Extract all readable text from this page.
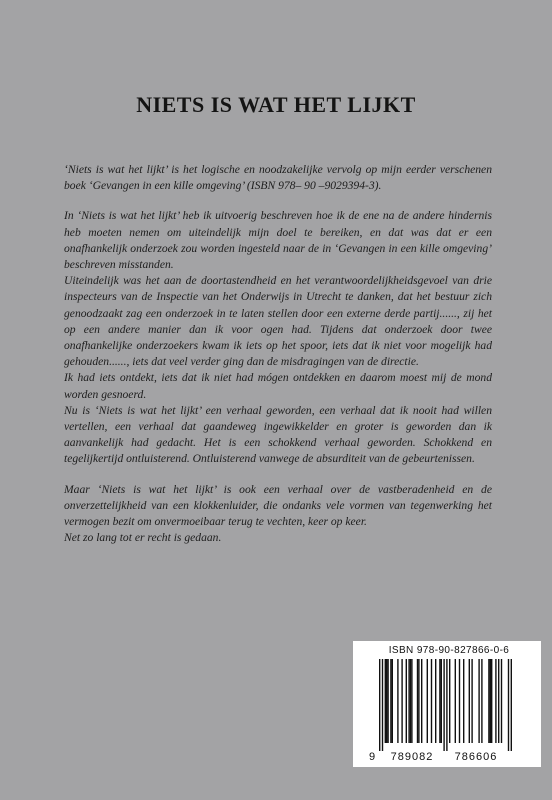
NIETS IS WAT HET LIJKT

‘Niets is wat het lijkt’ is het logische en noodzakelijke vervolg op mijn eerder verschenen boek ‘Gevangen in een kille omgeving’ (ISBN 978– 90 –9029394-3).

In ‘Niets is wat het lijkt’ heb ik uitvoerig beschreven hoe ik de ene na de andere hindernis heb moeten nemen om uiteindelijk mijn doel te bereiken, en dat was dat er een onafhankelijk onderzoek zou worden ingesteld naar de in ‘Gevangen in een kille omgeving’ beschreven misstanden.

Uiteindelijk was het aan de doortastendheid en het verantwoordelijkheidsgevoel van drie inspecteurs van de Inspectie van het Onderwijs in Utrecht te danken, dat het bestuur zich genoodzaakt zag een onderzoek in te laten stellen door een externe derde partij......, zij het op een andere manier dan ik voor ogen had. Tijdens dat onderzoek door twee onafhankelijke onderzoekers kwam ik iets op het spoor, iets dat ik niet voor mogelijk had gehouden......, iets dat veel verder ging dan de misdragingen van de directie.

Ik had iets ontdekt, iets dat ik niet had mógen ontdekken en daarom moest mij de mond worden gesnoerd.

Nu is ‘Niets is wat het lijkt’ een verhaal geworden, een verhaal dat ik nooit had willen vertellen, een verhaal dat gaandeweg ingewikkelder en groter is geworden dan ik aanvankelijk had gedacht. Het is een schokkend verhaal geworden. Schokkend en tegelijkertijd ontluisterend. Ontluisterend vanwege de absurditeit van de gebeurtenissen.

Maar ‘Niets is wat het lijkt’ is ook een verhaal over de vastberadenheid en de onverzettelijkheid van een klokkenluider, die ondanks vele vormen van tegenwerking het vermogen bezit om onvermoeibaar terug te vechten, keer op keer.

Net zo lang tot er recht is gedaan.

ISBN 978-90-827866-0-6
9 789082 786606
